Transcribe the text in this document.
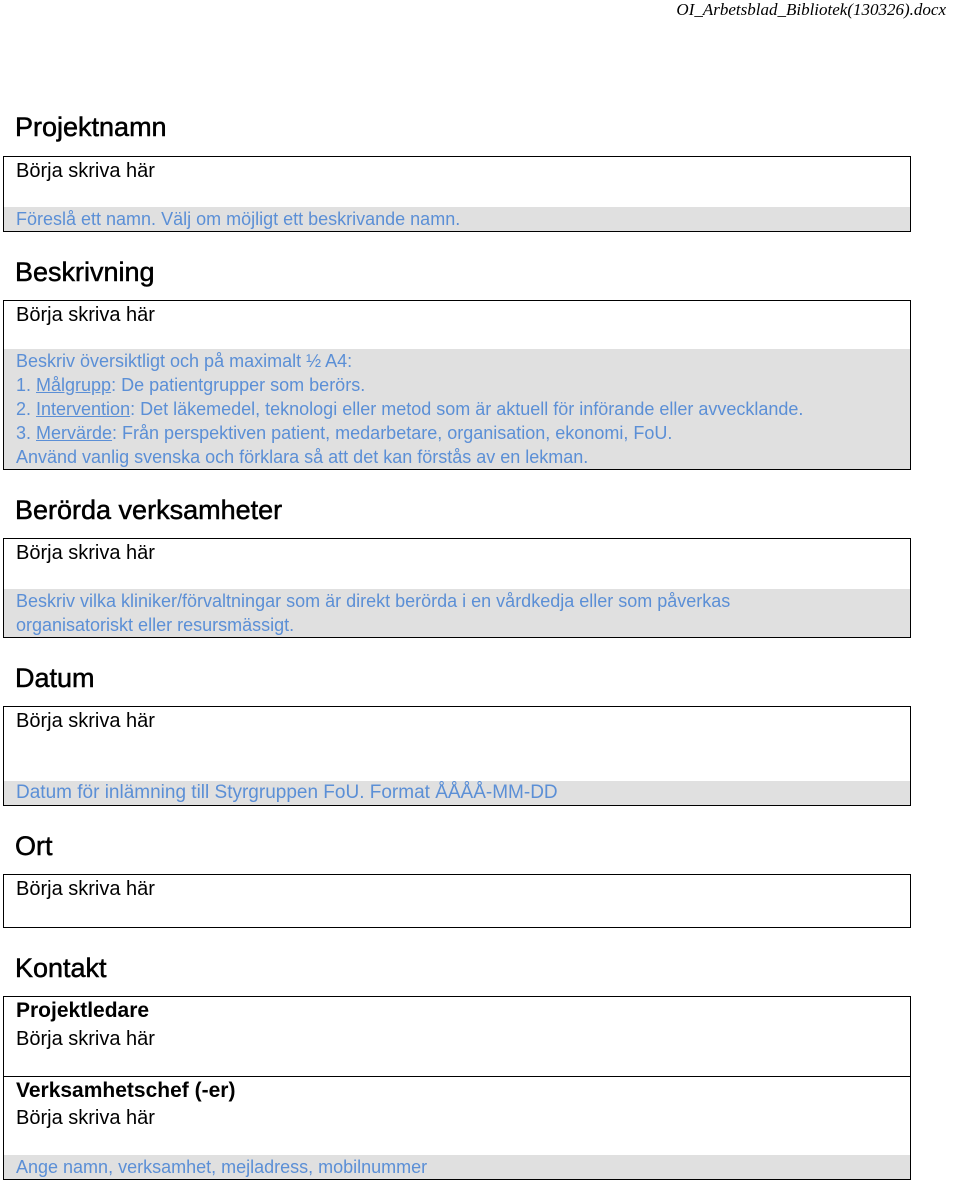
OI_Arbetsblad_Bibliotek(130326).docx
Projektnamn
Börja skriva här
Föreslå ett namn. Välj om möjligt ett beskrivande namn.
Beskrivning
Börja skriva här
Beskriv översiktligt och på maximalt ½ A4:
1. Målgrupp: De patientgrupper som berörs.
2. Intervention: Det läkemedel, teknologi eller metod som är aktuell för införande eller avvecklande.
3. Mervärde: Från perspektiven patient, medarbetare, organisation, ekonomi, FoU.
Använd vanlig svenska och förklara så att det kan förstås av en lekman.
Berörda verksamheter
Börja skriva här
Beskriv vilka kliniker/förvaltningar som är direkt berörda i en vårdkedja eller som påverkas
organisatoriskt eller resursmässigt.
Datum
Börja skriva här
Datum för inlämning till Styrgruppen FoU. Format ÅÅÅÅ-MM-DD
Ort
Börja skriva här
Kontakt
Projektledare
Börja skriva här
Verksamhetschef (-er)
Börja skriva här
Ange namn, verksamhet, mejladress, mobilnummer
